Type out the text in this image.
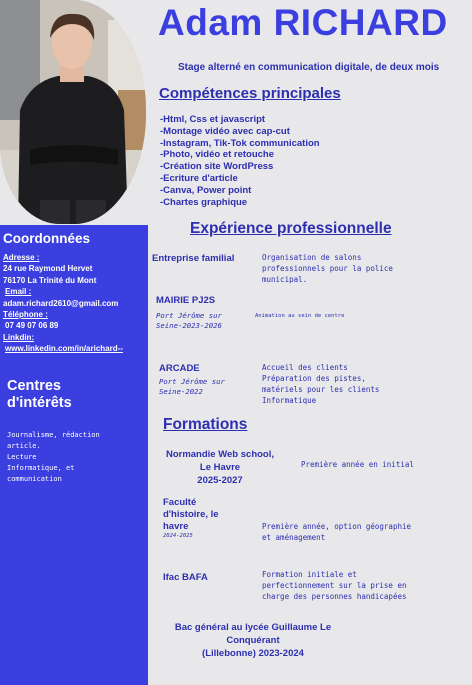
Adam RICHARD
Stage alterné en communication digitale, de deux mois
Compétences principales
-Html, Css et javascript
-Montage vidéo avec cap-cut
-Instagram, Tik-Tok communication
-Photo, vidéo et retouche
-Création site WordPress
-Ecriture d'article
-Canva, Power point
-Chartes graphique
Coordonnées
Adresse :
24 rue Raymond Hervet
76170 La Trinité du Mont
Email :
adam.richard2610@gmail.com
Téléphone :
07 49 07 06 89
Linkdin:
www.linkedin.com/in/arichard--
Centres
d'intérêts
Journalisme, rédaction
article.
Lecture
Informatique, et
communication
Expérience professionnelle
Entreprise familial	Organisation de salons
professionnels pour la police
municipal.
MAIRIE PJ2S
Port Jérôme sur
Seine-2023-2026
Animation au sein de centre
ARCADE
Port Jérôme sur
Seine-2022
Accueil des clients
Préparation des pistes,
matériels pour les clients
Informatique
Formations
Normandie Web school,
Le Havre
2025-2027
Première année en initial
Faculté
d'histoire, le
havre
2024-2025
Première année, option géographie
et aménagement
Ifac BAFA	Formation initiale et
perfectionnement sur la prise en
charge des personnes handicapées
Bac général au lycée Guillaume Le
Conquérant
(Lillebonne) 2023-2024
